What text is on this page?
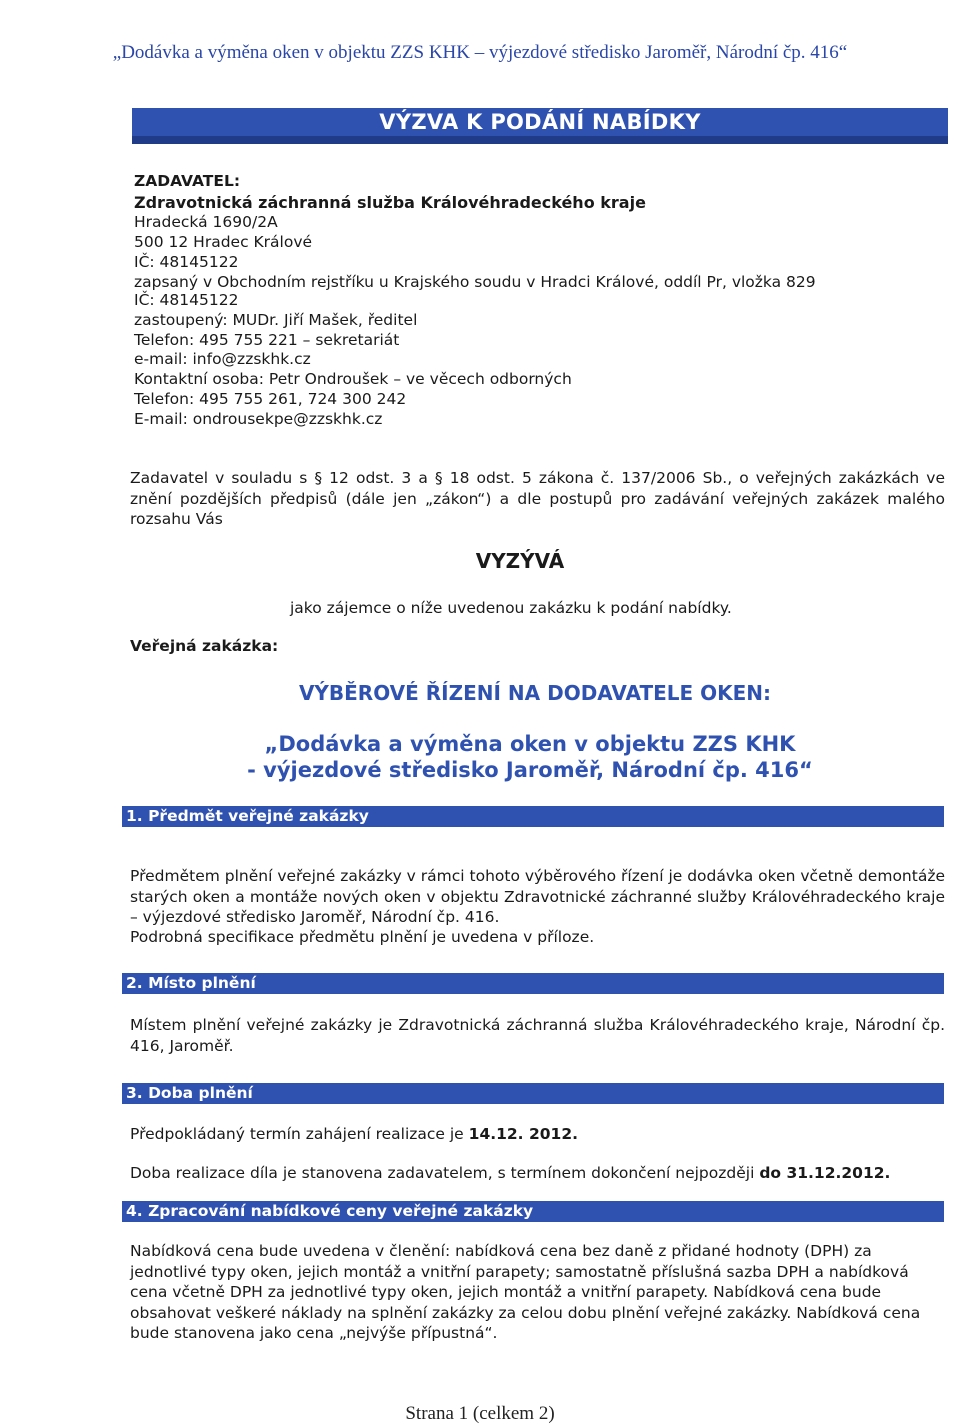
„Dodávka a výměna oken v objektu ZZS KHK – výjezdové středisko Jaroměř, Národní čp. 416“
VÝZVA K PODÁNÍ NABÍDKY
ZADAVATEL:
Zdravotnická záchranná služba Královéhradeckého kraje
Hradecká 1690/2A
500 12 Hradec Králové
IČ: 48145122
zapsaný v Obchodním rejstříku u Krajského soudu v Hradci Králové, oddíl Pr, vložka 829
IČ: 48145122
zastoupený: MUDr. Jiří Mašek, ředitel
Telefon: 495 755 221 – sekretariát
e-mail: info@zzskhk.cz
Kontaktní osoba: Petr Ondroušek – ve věcech odborných
Telefon: 495 755 261, 724 300 242
E-mail: ondrousekpe@zzskhk.cz
Zadavatel v souladu s § 12 odst. 3 a § 18 odst. 5 zákona č. 137/2006 Sb., o veřejných zakázkách ve znění pozdějších předpisů (dále jen „zákon“) a dle postupů pro zadávání veřejných zakázek malého rozsahu Vás
VYZÝVÁ
jako zájemce o níže uvedenou zakázku k podání nabídky.
Veřejná zakázka:
VÝBĚROVÉ ŘÍZENÍ NA DODAVATELE OKEN:
„Dodávka a výměna oken v objektu ZZS KHK
- výjezdové středisko Jaroměř, Národní čp. 416“
1. Předmět veřejné zakázky
Předmětem plnění veřejné zakázky v rámci tohoto výběrového řízení je dodávka oken včetně demontáže starých oken a montáže nových oken v objektu Zdravotnické záchranné služby Královéhradeckého kraje – výjezdové středisko Jaroměř, Národní čp. 416.
Podrobná specifikace předmětu plnění je uvedena v příloze.
2. Místo plnění
Místem plnění veřejné zakázky je Zdravotnická záchranná služba Královéhradeckého kraje, Národní čp. 416, Jaroměř.
3. Doba plnění
Předpokládaný termín zahájení realizace je 14.12. 2012.
Doba realizace díla je stanovena zadavatelem, s termínem dokončení nejpozději do 31.12.2012.
4. Zpracování nabídkové ceny veřejné zakázky
Nabídková cena bude uvedena v členění: nabídková cena bez daně z přidané hodnoty (DPH) za jednotlivé typy oken, jejich montáž a vnitřní parapety; samostatně příslušná sazba DPH a nabídková cena včetně DPH za jednotlivé typy oken, jejich montáž a vnitřní parapety. Nabídková cena bude obsahovat veškeré náklady na splnění zakázky za celou dobu plnění veřejné zakázky. Nabídková cena bude stanovena jako cena „nejvýše přípustná“.
Strana 1 (celkem 2)
